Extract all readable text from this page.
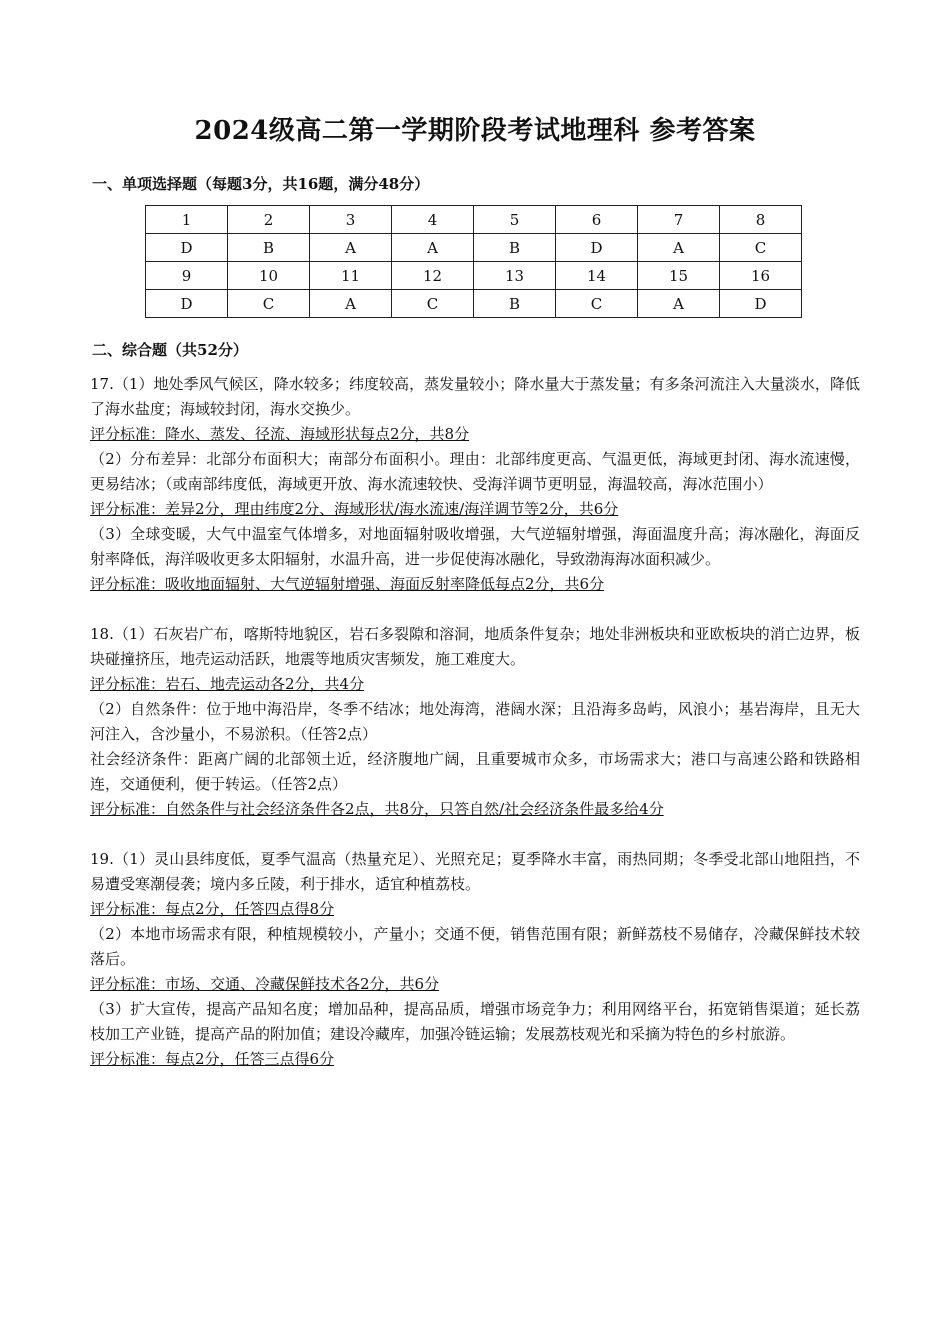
2024级高二第一学期阶段考试地理科 参考答案
一、单项选择题（每题3分，共16题，满分48分）
1	2	3	4	5	6	7	8
D	B	A	A	B	D	A	C
9	10	11	12	13	14	15	16
D	C	A	C	B	C	A	D
二、综合题（共52分）

17.（1）地处季风气候区，降水较多；纬度较高，蒸发量较小；降水量大于蒸发量；有多条河流注入大量淡水，降低了海水盐度；海域较封闭，海水交换少。

评分标准：降水、蒸发、径流、海域形状每点2分，共8分

（2）分布差异：北部分布面积大；南部分布面积小。理由：北部纬度更高、气温更低，海域更封闭、海水流速慢，更易结冰；（或南部纬度低，海域更开放、海水流速较快、受海洋调节更明显，海温较高，海冰范围小）

评分标准：差异2分，理由纬度2分、海域形状/海水流速/海洋调节等2分，共6分

（3）全球变暖，大气中温室气体增多，对地面辐射吸收增强，大气逆辐射增强，海面温度升高；海冰融化，海面反射率降低，海洋吸收更多太阳辐射，水温升高，进一步促使海冰融化，导致渤海海冰面积减少。

评分标准：吸收地面辐射、大气逆辐射增强、海面反射率降低每点2分，共6分

18.（1）石灰岩广布，喀斯特地貌区，岩石多裂隙和溶洞，地质条件复杂；地处非洲板块和亚欧板块的消亡边界，板块碰撞挤压，地壳运动活跃，地震等地质灾害频发，施工难度大。

评分标准：岩石、地壳运动各2分，共4分

（2）自然条件：位于地中海沿岸，冬季不结冰；地处海湾，港阔水深；且沿海多岛屿，风浪小；基岩海岸，且无大河注入，含沙量小，不易淤积。（任答2点）

社会经济条件：距离广阔的北部领土近，经济腹地广阔，且重要城市众多，市场需求大；港口与高速公路和铁路相连，交通便利，便于转运。（任答2点）

评分标准：自然条件与社会经济条件各2点，共8分，只答自然/社会经济条件最多给4分

19.（1）灵山县纬度低，夏季气温高（热量充足）、光照充足；夏季降水丰富，雨热同期；冬季受北部山地阻挡，不易遭受寒潮侵袭；境内多丘陵，利于排水，适宜种植荔枝。

评分标准：每点2分，任答四点得8分

（2）本地市场需求有限，种植规模较小，产量小；交通不便，销售范围有限；新鲜荔枝不易储存，冷藏保鲜技术较落后。

评分标准：市场、交通、冷藏保鲜技术各2分，共6分

（3）扩大宣传，提高产品知名度；增加品种，提高品质，增强市场竞争力；利用网络平台，拓宽销售渠道；延长荔枝加工产业链，提高产品的附加值；建设冷藏库，加强冷链运输；发展荔枝观光和采摘为特色的乡村旅游。

评分标准：每点2分，任答三点得6分
